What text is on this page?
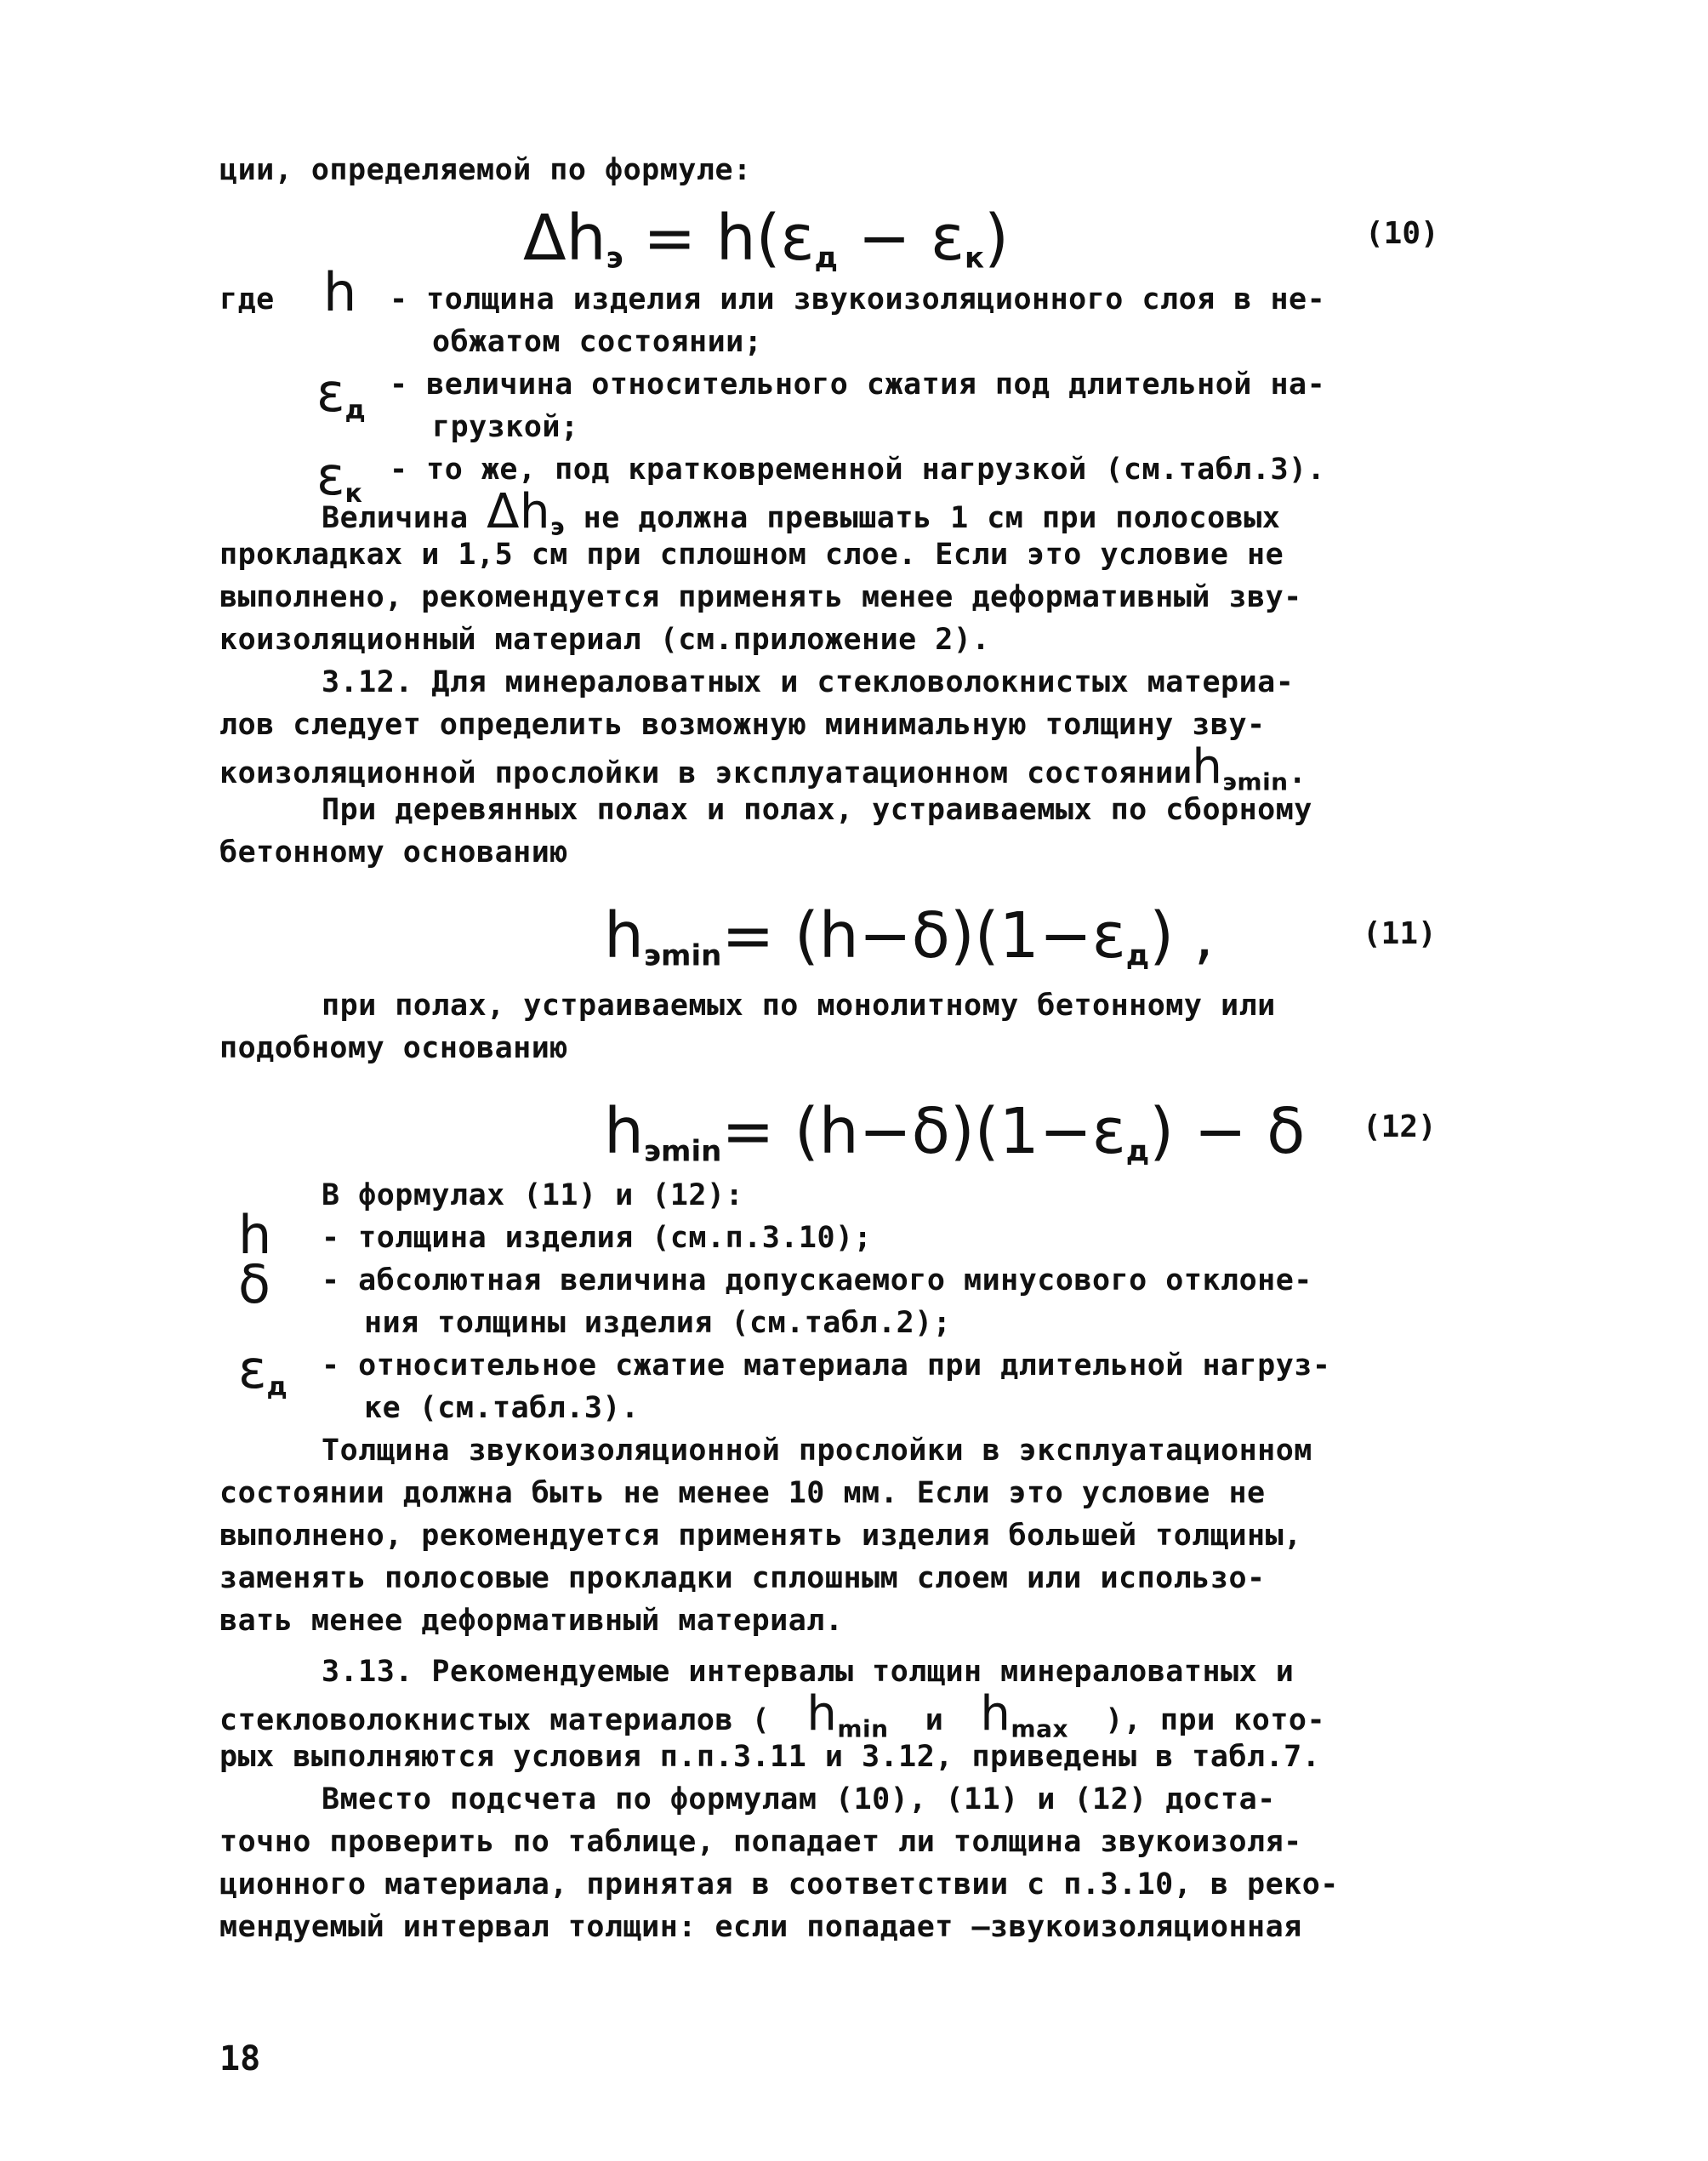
ции, определяемой по формуле:
$\Delta h_э = h(\varepsilon_д - \varepsilon_к)$	(10)
где h - толщина изделия или звукоизоляционного слоя в не-
обжатом состоянии;
$\varepsilon_д$
- величина относительного сжатия под длительной на-
грузкой;
$\varepsilon_к$
- то же, под кратковременной нагрузкой (см.табл.3).
Величина $\Delta h_э$ не должна превышать 1 см при полосовых
прокладках и 1,5 см при сплошном слое. Если это условие не
выполнено, рекомендуется применять менее деформативный зву-
коизоляционный материал (см.приложение 2).
3.12. Для минераловатных и стекловолокнистых материа-
лов следует определить возможную минимальную толщину зву-
коизоляционной прослойки в эксплуатационном состоянииh$_{эmin}$.
При деревянных полах и полах, устраиваемых по сборному
бетонному основанию
$h_{эmin}= (h-\delta)(1-\varepsilon_д)$ ,	(11)
при полах, устраиваемых по монолитному бетонному или
подобному основанию
$h_{эmin}= (h-\delta)(1-\varepsilon_д) - \delta$ (12)
В формулах (11) и (12):
h - толщина изделия (см.п.3.10);
δ - абсолютная величина допускаемого минусового отклоне-
ния толщины изделия (см.табл.2);
$\varepsilon_д$
- относительное сжатие материала при длительной нагруз-
ке (см.табл.3).
Толщина звукоизоляционной прослойки в эксплуатационном
состоянии должна быть не менее 10 мм. Если это условие не
выполнено, рекомендуется применять изделия большей толщины,
заменять полосовые прокладки сплошным слоем или использо-
вать менее деформативный материал.
3.13. Рекомендуемые интервалы толщин минераловатных и
стекловолокнистых материалов ( $h_{min}$ и $h_{max}$ ), при кото-
рых выполняются условия п.п.3.11 и 3.12, приведены в табл.7.
Вместо подсчета по формулам (10), (11) и (12) доста-
точно проверить по таблице, попадает ли толщина звукоизоля-
ционного материала, принятая в соответствии с п.3.10, в реко-
мендуемый интервал толщин: если попадает —звукоизоляционная
18
